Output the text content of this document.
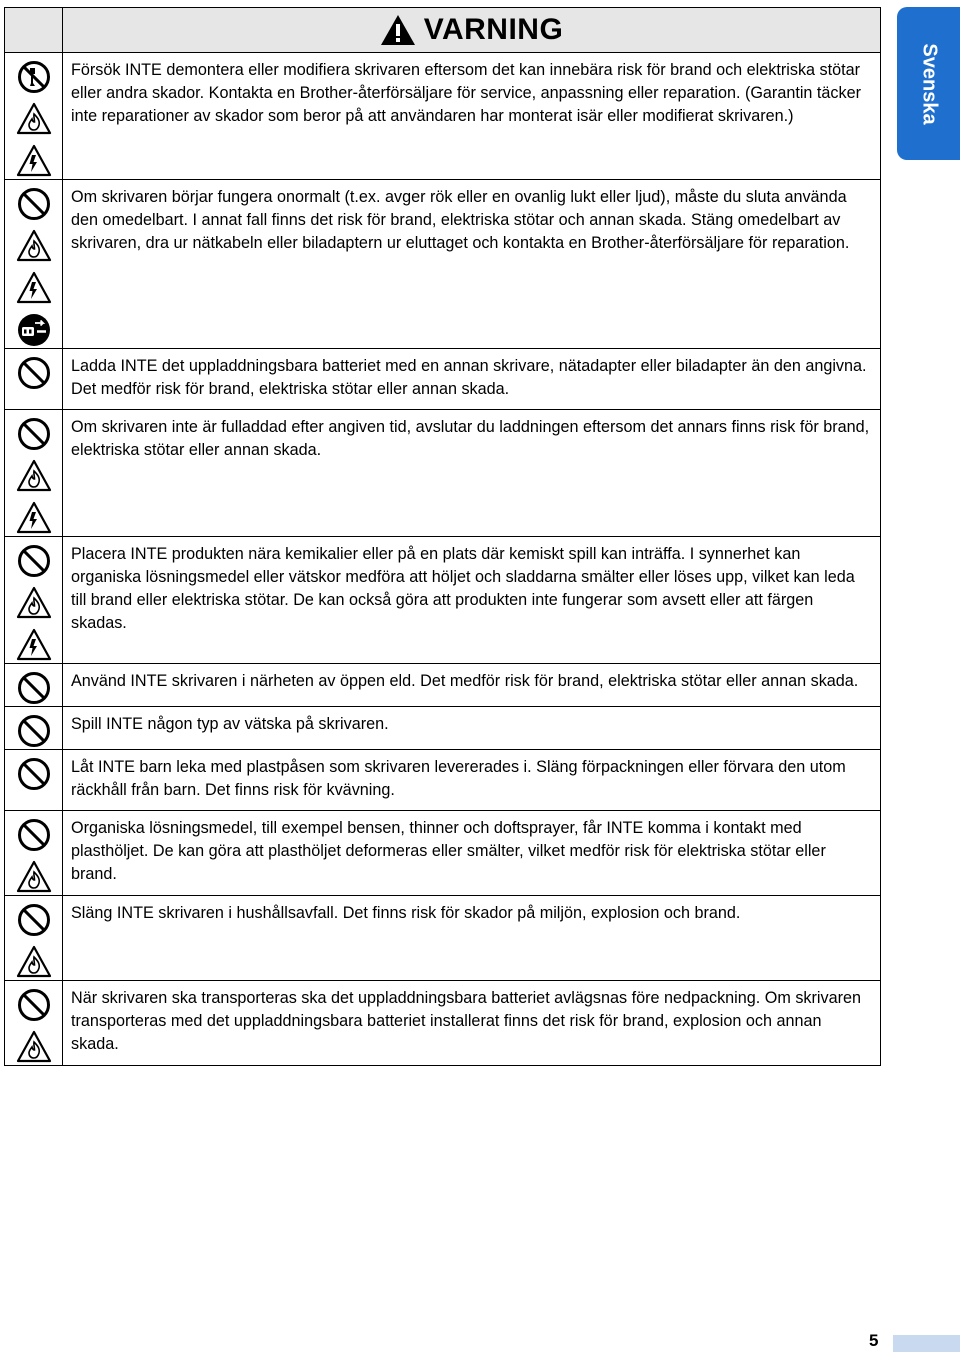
	VARNING

Försök INTE demontera eller modifiera skrivaren eftersom det kan innebära risk för brand och elektriska stötar eller andra skador. Kontakta en Brother-återförsäljare för service, anpassning eller reparation. (Garantin täcker inte reparationer av skador som beror på att användaren har monterat isär eller modifierat skrivaren.)

Om skrivaren börjar fungera onormalt (t.ex. avger rök eller en ovanlig lukt eller ljud), måste du sluta använda den omedelbart. I annat fall finns det risk för brand, elektriska stötar och annan skada. Stäng omedelbart av skrivaren, dra ur nätkabeln eller biladaptern ur eluttaget och kontakta en Brother-återförsäljare för reparation.

Ladda INTE det uppladdningsbara batteriet med en annan skrivare, nätadapter eller biladapter än den angivna. Det medför risk för brand, elektriska stötar eller annan skada.

Om skrivaren inte är fulladdad efter angiven tid, avslutar du laddningen eftersom det annars finns risk för brand, elektriska stötar eller annan skada.

Placera INTE produkten nära kemikalier eller på en plats där kemiskt spill kan inträffa. I synnerhet kan organiska lösningsmedel eller vätskor medföra att höljet och sladdarna smälter eller löses upp, vilket kan leda till brand eller elektriska stötar. De kan också göra att produkten inte fungerar som avsett eller att färgen skadas.

Använd INTE skrivaren i närheten av öppen eld. Det medför risk för brand, elektriska stötar eller annan skada.

Spill INTE någon typ av vätska på skrivaren.

Låt INTE barn leka med plastpåsen som skrivaren levererades i. Släng förpackningen eller förvara den utom räckhåll från barn. Det finns risk för kvävning.

Organiska lösningsmedel, till exempel bensen, thinner och doftsprayer, får INTE komma i kontakt med plasthöljet. De kan göra att plasthöljet deformeras eller smälter, vilket medför risk för elektriska stötar eller brand.

Släng INTE skrivaren i hushållsavfall. Det finns risk för skador på miljön, explosion och brand.

När skrivaren ska transporteras ska det uppladdningsbara batteriet avlägsnas före nedpackning. Om skrivaren transporteras med det uppladdningsbara batteriet installerat finns det risk för brand, explosion och annan skada.

Svenska
5
